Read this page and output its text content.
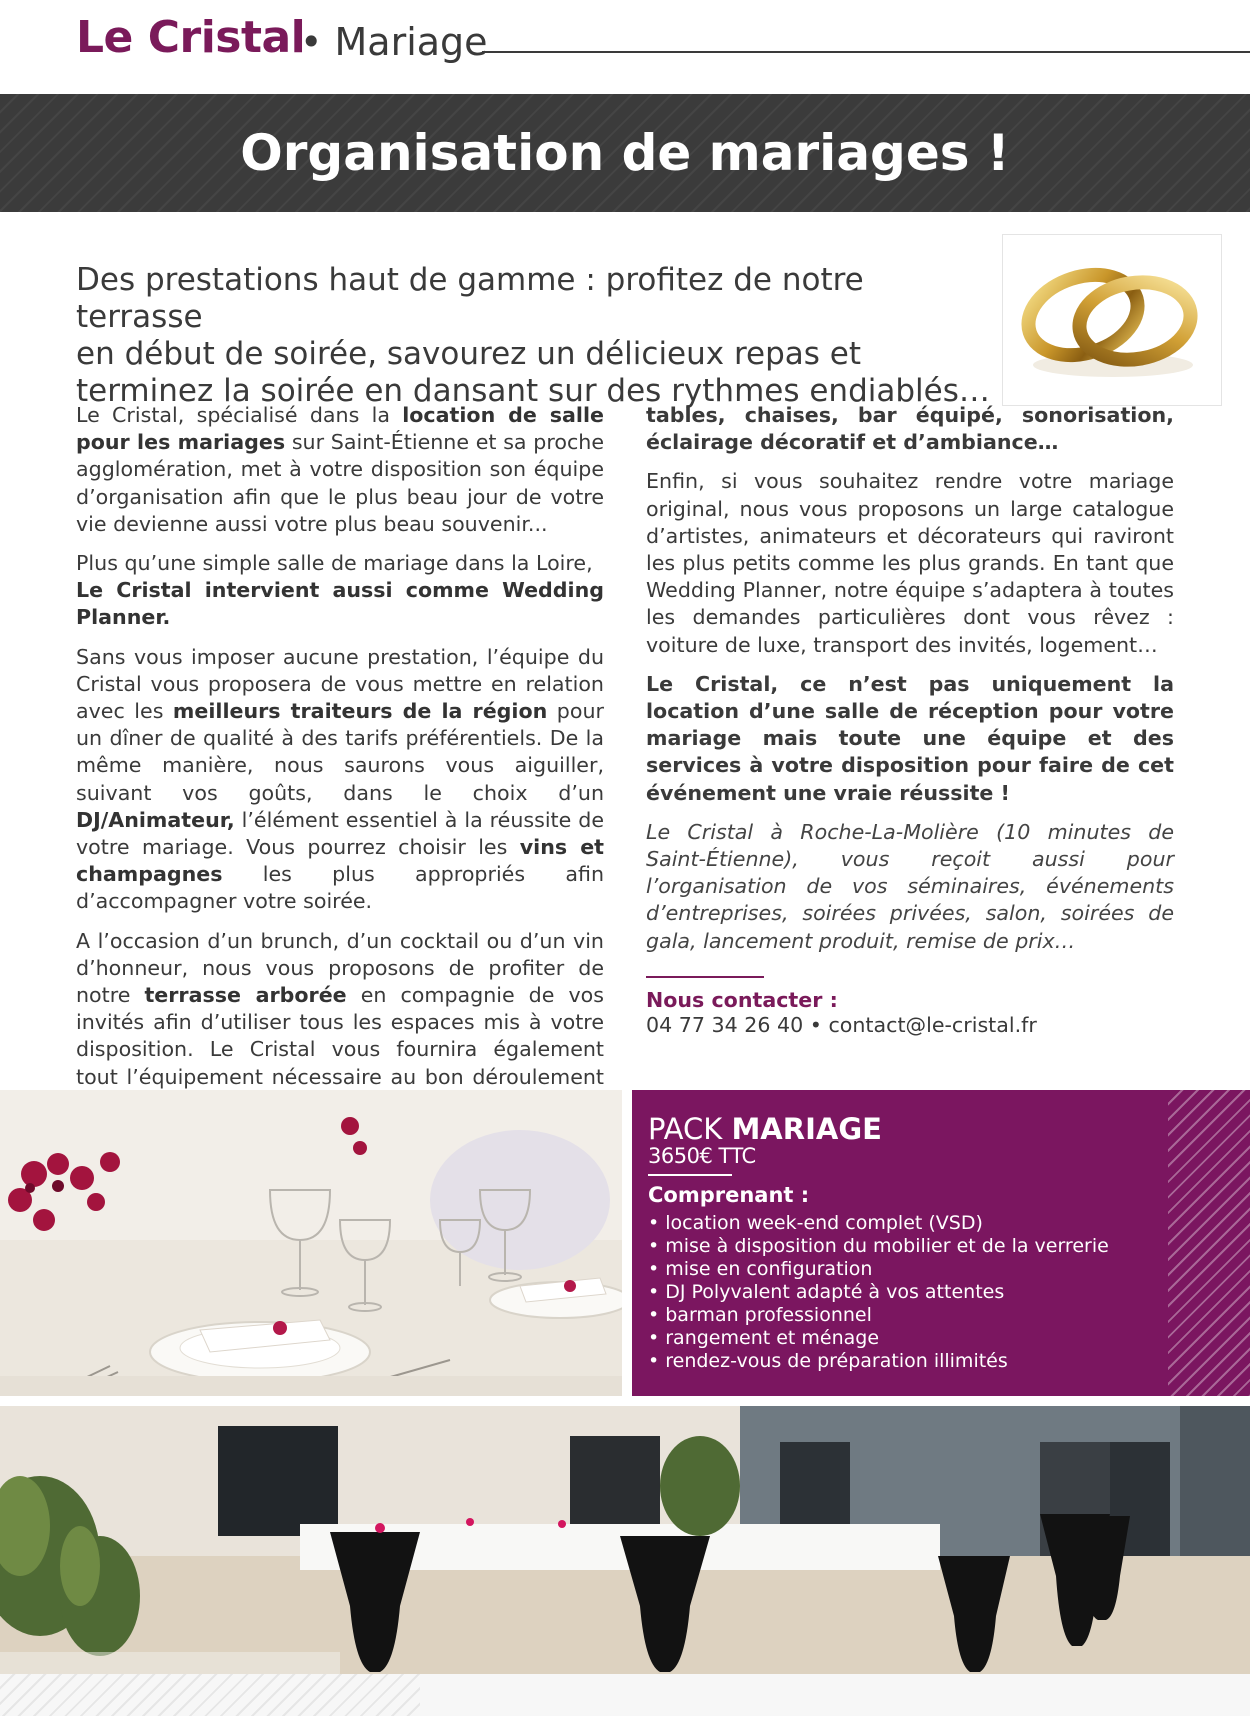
Le Cristal
• Mariage
Organisation de mariages !
Des prestations haut de gamme : profitez de notre terrasse
en début de soirée, savourez un délicieux repas et
terminez la soirée en dansant sur des rythmes endiablés…

Le Cristal, spécialisé dans la location de salle pour les mariages sur Saint-Étienne et sa proche agglomération, met à votre disposition son équipe d’organisation afin que le plus beau jour de votre vie devienne aussi votre plus beau souvenir...

Plus qu’une simple salle de mariage dans la Loire,
Le Cristal intervient aussi comme Wedding Planner.

Sans vous imposer aucune prestation, l’équipe du Cristal vous proposera de vous mettre en relation avec les meilleurs traiteurs de la région pour un dîner de qualité à des tarifs préférentiels. De la même manière, nous saurons vous aiguiller, suivant vos goûts, dans le choix d’un DJ/Animateur, l’élément essentiel à la réussite de votre mariage. Vous pourrez choisir les vins et champagnes les plus appropriés afin d’accompagner votre soirée.

A l’occasion d’un brunch, d’un cocktail ou d’un vin d’honneur, nous vous proposons de profiter de notre terrasse arborée en compagnie de vos invités afin d’utiliser tous les espaces mis à votre disposition. Le Cristal vous fournira également tout l’équipement nécessaire au bon déroulement

tables, chaises, bar équipé, sonorisation, éclairage décoratif et d’ambiance…

Enfin, si vous souhaitez rendre votre mariage original, nous vous proposons un large catalogue d’artistes, animateurs et décorateurs qui raviront les plus petits comme les plus grands. En tant que Wedding Planner, notre équipe s’adaptera à toutes les demandes particulières dont vous rêvez : voiture de luxe, transport des invités, logement…

Le Cristal, ce n’est pas uniquement la location d’une salle de réception pour votre mariage mais toute une équipe et des services à votre disposition pour faire de cet événement une vraie réussite !

Le Cristal à Roche-La-Molière (10 minutes de Saint-Étienne), vous reçoit aussi pour l’organisation de vos séminaires, événements d’entreprises, soirées privées, salon, soirées de gala, lancement produit, remise de prix…

Nous contacter :
04 77 34 26 40 • contact@le-cristal.fr
PACK MARIAGE
3650€ TTC
Comprenant :
• location week-end complet (VSD)
• mise à disposition du mobilier et de la verrerie
• mise en configuration
• DJ Polyvalent adapté à vos attentes
• barman professionnel
• rangement et ménage
• rendez-vous de préparation illimités
